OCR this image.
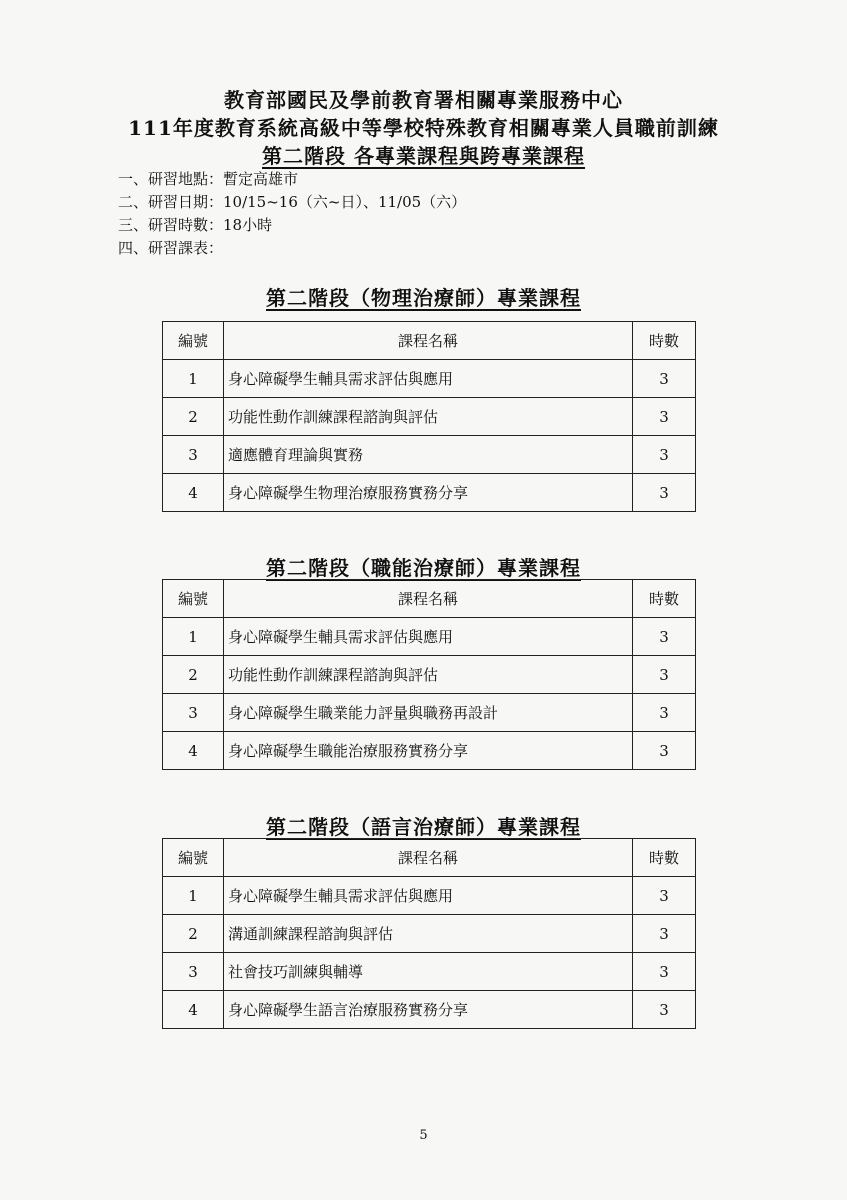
教育部國民及學前教育署相關專業服務中心
111年度教育系統高級中等學校特殊教育相關專業人員職前訓練
第二階段 各專業課程與跨專業課程
一、研習地點：暫定高雄市
二、研習日期：10/15~16（六~日）、11/05（六）
三、研習時數：18小時
四、研習課表：
第二階段（物理治療師）專業課程
編號	課程名稱	時數
1	身心障礙學生輔具需求評估與應用	3
2	功能性動作訓練課程諮詢與評估	3
3	適應體育理論與實務	3
4	身心障礙學生物理治療服務實務分享	3
第二階段（職能治療師）專業課程
編號	課程名稱	時數
1	身心障礙學生輔具需求評估與應用	3
2	功能性動作訓練課程諮詢與評估	3
3	身心障礙學生職業能力評量與職務再設計	3
4	身心障礙學生職能治療服務實務分享	3
第二階段（語言治療師）專業課程
編號	課程名稱	時數
1	身心障礙學生輔具需求評估與應用	3
2	溝通訓練課程諮詢與評估	3
3	社會技巧訓練與輔導	3
4	身心障礙學生語言治療服務實務分享	3
5
